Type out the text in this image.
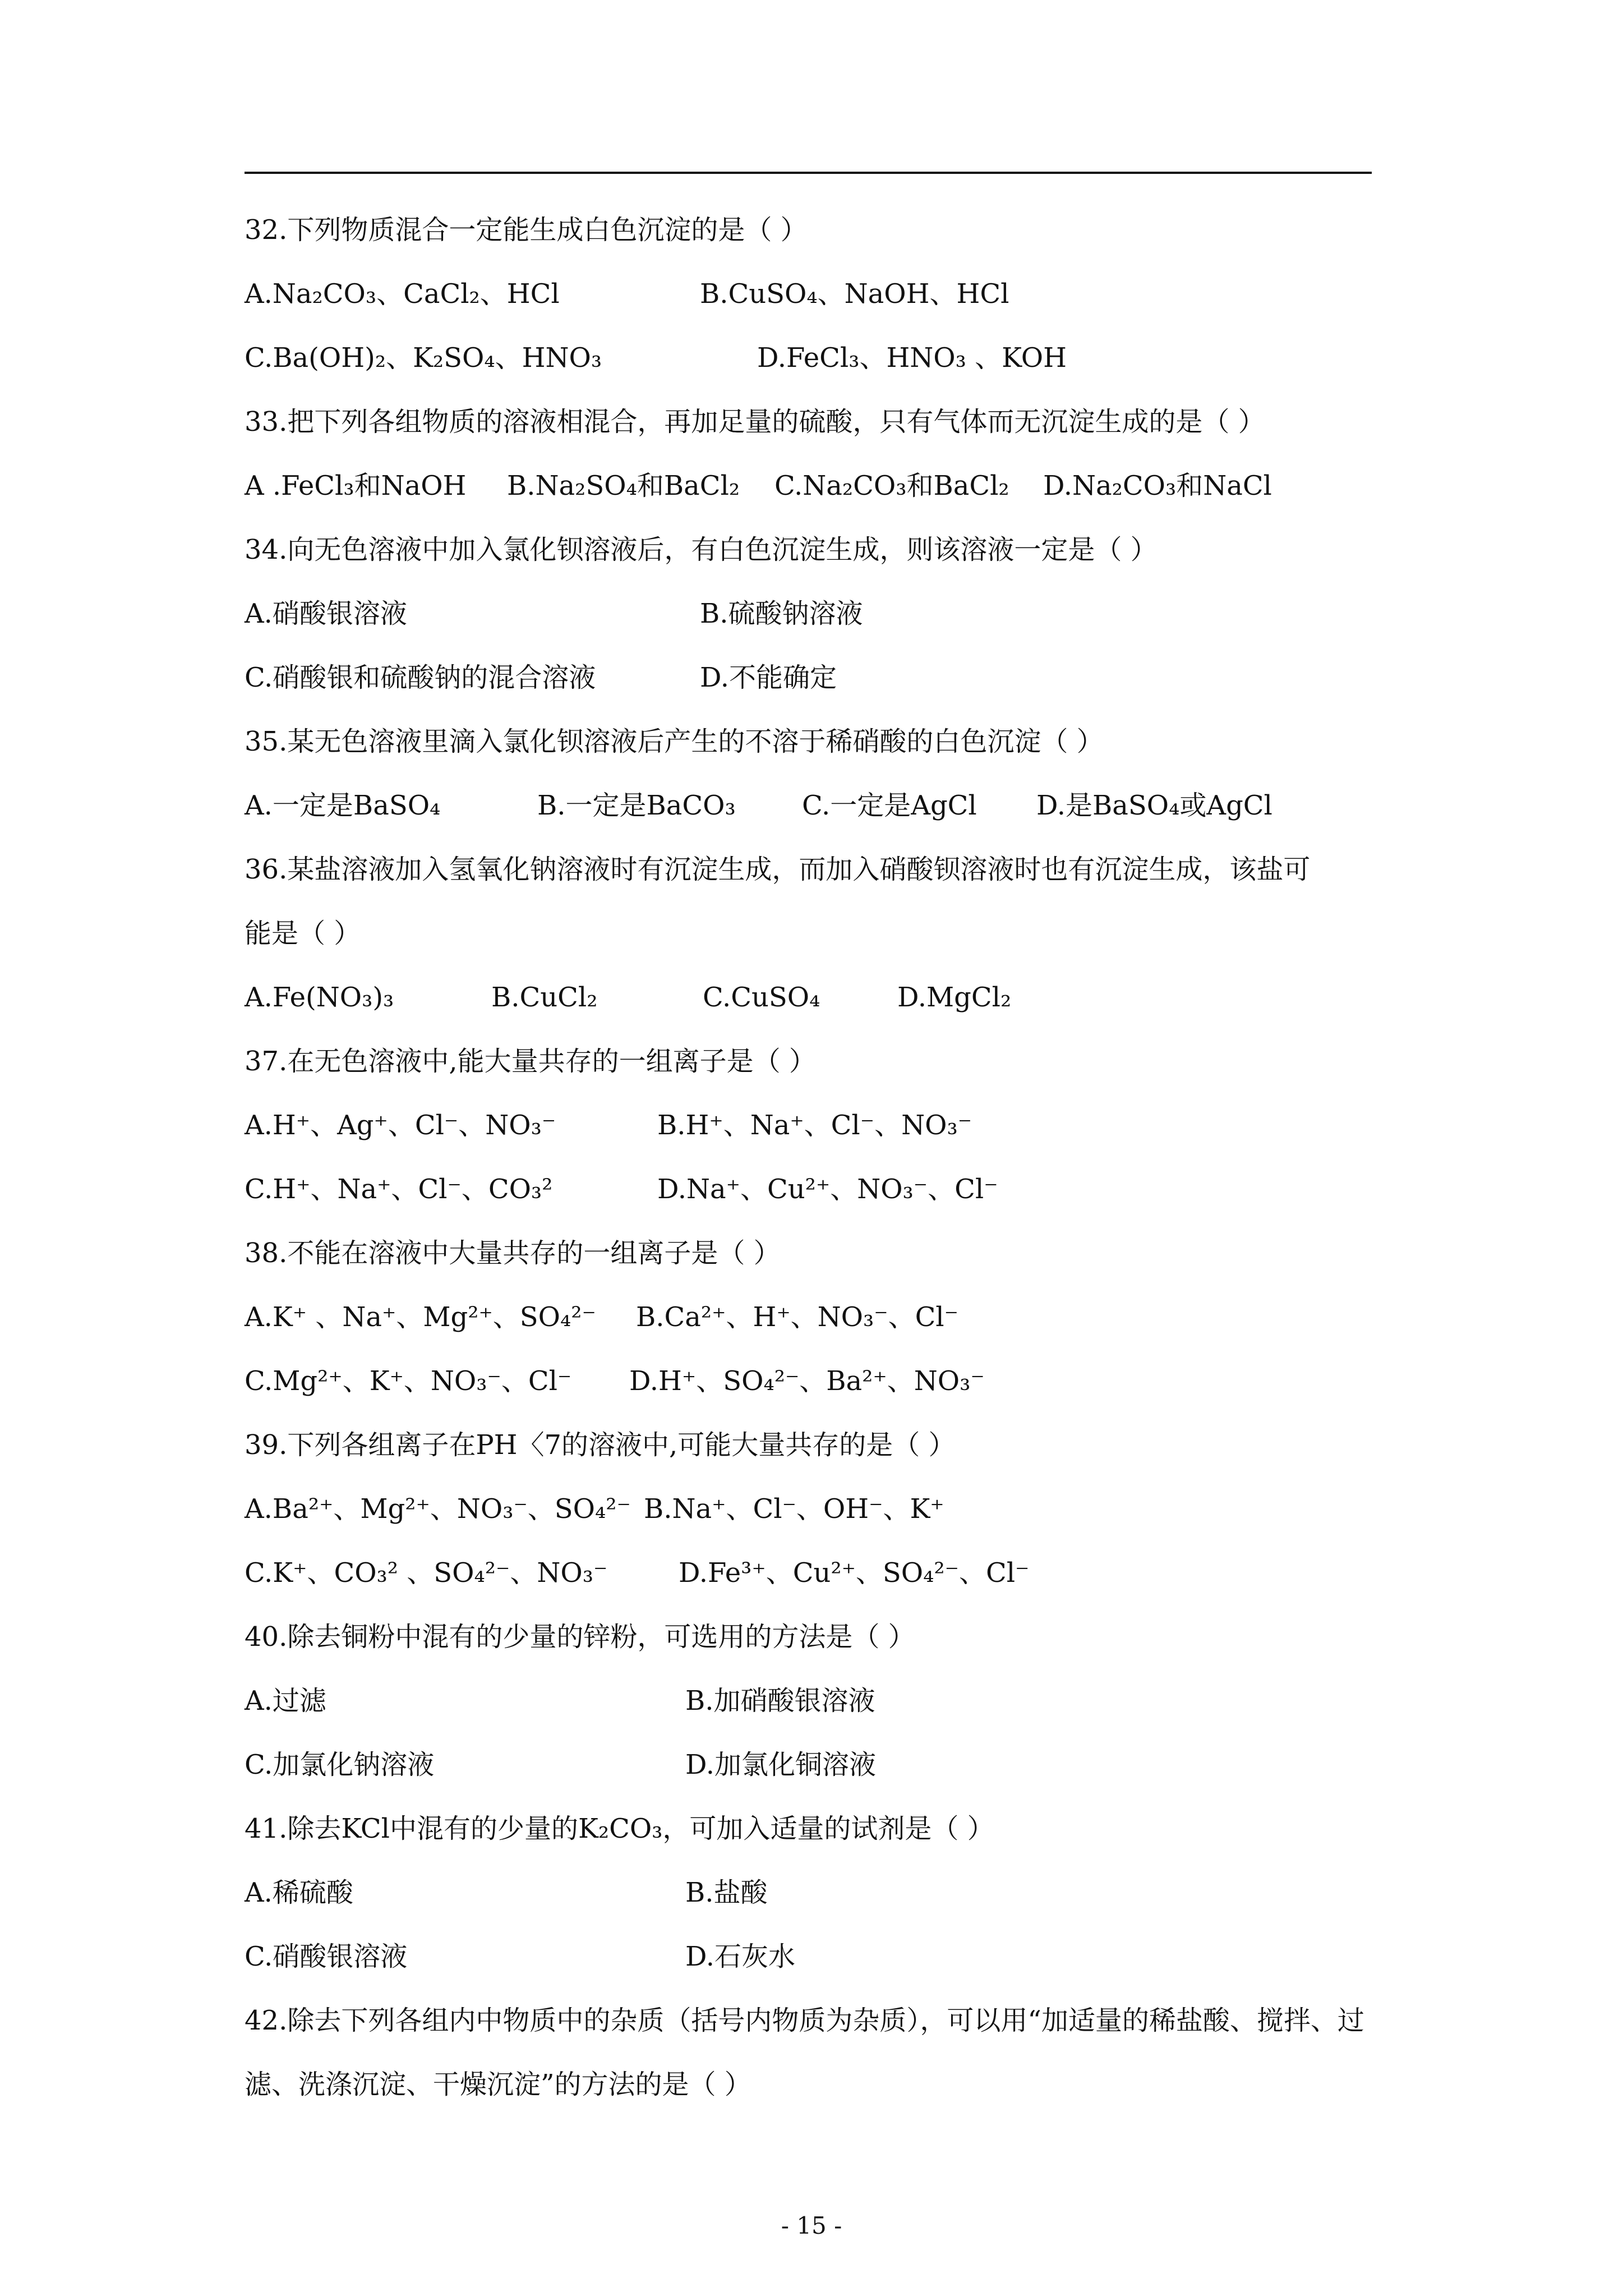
32.下列物质混合一定能生成白色沉淀的是（ ）
A.Na₂CO₃、CaCl₂、HCl	B.CuSO₄、NaOH、HCl
C.Ba(OH)₂、K₂SO₄、HNO₃	D.FeCl₃、HNO₃ 、KOH
33.把下列各组物质的溶液相混合，再加足量的硫酸，只有气体而无沉淀生成的是（ ）
A .FeCl₃和NaOH B.Na₂SO₄和BaCl₂ C.Na₂CO₃和BaCl₂ D.Na₂CO₃和NaCl
34.向无色溶液中加入氯化钡溶液后，有白色沉淀生成，则该溶液一定是（ ）
A.硝酸银溶液	B.硫酸钠溶液
C.硝酸银和硫酸钠的混合溶液	D.不能确定
35.某无色溶液里滴入氯化钡溶液后产生的不溶于稀硝酸的白色沉淀（ ）
A.一定是BaSO₄	B.一定是BaCO₃ C.一定是AgCl D.是BaSO₄或AgCl
36.某盐溶液加入氢氧化钠溶液时有沉淀生成，而加入硝酸钡溶液时也有沉淀生成，该盐可
能是（ ）
A.Fe(NO₃)₃	B.CuCl₂	C.CuSO₄	D.MgCl₂
37.在无色溶液中,能大量共存的一组离子是（ ）
A.H⁺、Ag⁺、Cl⁻、NO₃⁻	B.H⁺、Na⁺、Cl⁻、NO₃⁻
C.H⁺、Na⁺、Cl⁻、CO₃²	D.Na⁺、Cu²⁺、NO₃⁻、Cl⁻
38.不能在溶液中大量共存的一组离子是（ ）
A.K⁺ 、Na⁺、Mg²⁺、SO₄²⁻ B.Ca²⁺、H⁺、NO₃⁻、Cl⁻
C.Mg²⁺、K⁺、NO₃⁻、Cl⁻ D.H⁺、SO₄²⁻、Ba²⁺、NO₃⁻
39.下列各组离子在PH〈7的溶液中,可能大量共存的是（ ）
A.Ba²⁺、Mg²⁺、NO₃⁻、SO₄²⁻ B.Na⁺、Cl⁻、OH⁻、K⁺
C.K⁺、CO₃² 、SO₄²⁻、NO₃⁻	D.Fe³⁺、Cu²⁺、SO₄²⁻、Cl⁻
40.除去铜粉中混有的少量的锌粉，可选用的方法是（ ）
A.过滤	B.加硝酸银溶液
C.加氯化钠溶液	D.加氯化铜溶液
41.除去KCl中混有的少量的K₂CO₃，可加入适量的试剂是（ ）
A.稀硫酸	B.盐酸
C.硝酸银溶液	D.石灰水
42.除去下列各组内中物质中的杂质（括号内物质为杂质），可以用“加适量的稀盐酸、搅拌、过
滤、洗涤沉淀、干燥沉淀”的方法的是（ ）
- 15 -
